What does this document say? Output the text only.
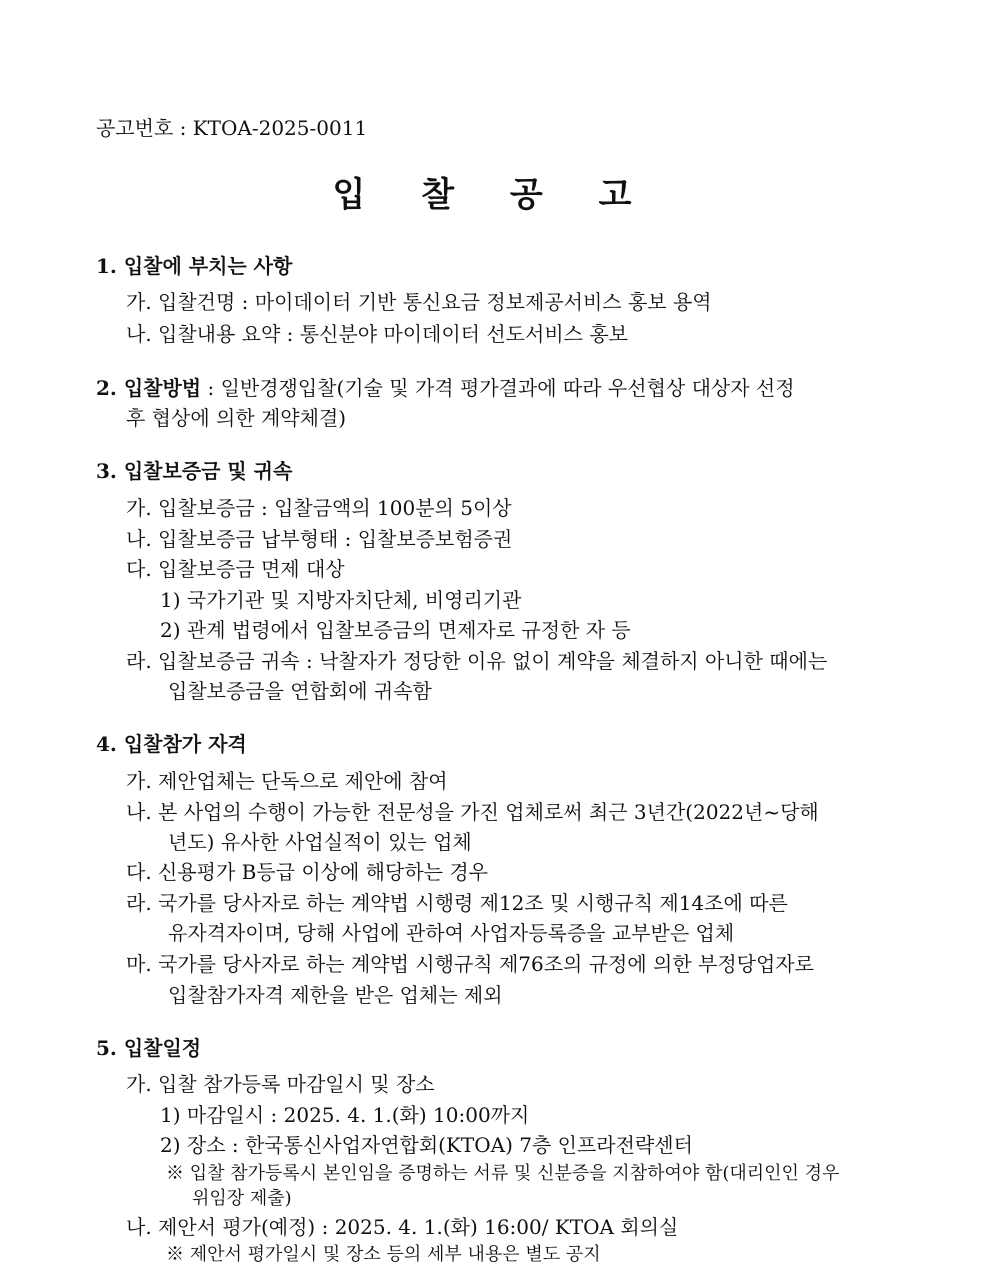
공고번호 : KTOA-2025-0011
입 찰 공 고
1. 입찰에 부치는 사항
가. 입찰건명 : 마이데이터 기반 통신요금 정보제공서비스 홍보 용역
나. 입찰내용 요약 : 통신분야 마이데이터 선도서비스 홍보
2. 입찰방법 : 일반경쟁입찰(기술 및 가격 평가결과에 따라 우선협상 대상자 선정
후 협상에 의한 계약체결)
3. 입찰보증금 및 귀속
가. 입찰보증금 : 입찰금액의 100분의 5이상
나. 입찰보증금 납부형태 : 입찰보증보험증권
다. 입찰보증금 면제 대상
1) 국가기관 및 지방자치단체, 비영리기관
2) 관계 법령에서 입찰보증금의 면제자로 규정한 자 등
라. 입찰보증금 귀속 : 낙찰자가 정당한 이유 없이 계약을 체결하지 아니한 때에는
입찰보증금을 연합회에 귀속함
4. 입찰참가 자격
가. 제안업체는 단독으로 제안에 참여
나. 본 사업의 수행이 가능한 전문성을 가진 업체로써 최근 3년간(2022년~당해
년도) 유사한 사업실적이 있는 업체
다. 신용평가 B등급 이상에 해당하는 경우
라. 국가를 당사자로 하는 계약법 시행령 제12조 및 시행규칙 제14조에 따른
유자격자이며, 당해 사업에 관하여 사업자등록증을 교부받은 업체
마. 국가를 당사자로 하는 계약법 시행규칙 제76조의 규정에 의한 부정당업자로
입찰참가자격 제한을 받은 업체는 제외
5. 입찰일정
가. 입찰 참가등록 마감일시 및 장소
1) 마감일시 : 2025. 4. 1.(화) 10:00까지
2) 장소 : 한국통신사업자연합회(KTOA) 7층 인프라전략센터
※ 입찰 참가등록시 본인임을 증명하는 서류 및 신분증을 지참하여야 함(대리인인 경우
위임장 제출)
나. 제안서 평가(예정) : 2025. 4. 1.(화) 16:00/ KTOA 회의실
※ 제안서 평가일시 및 장소 등의 세부 내용은 별도 공지
